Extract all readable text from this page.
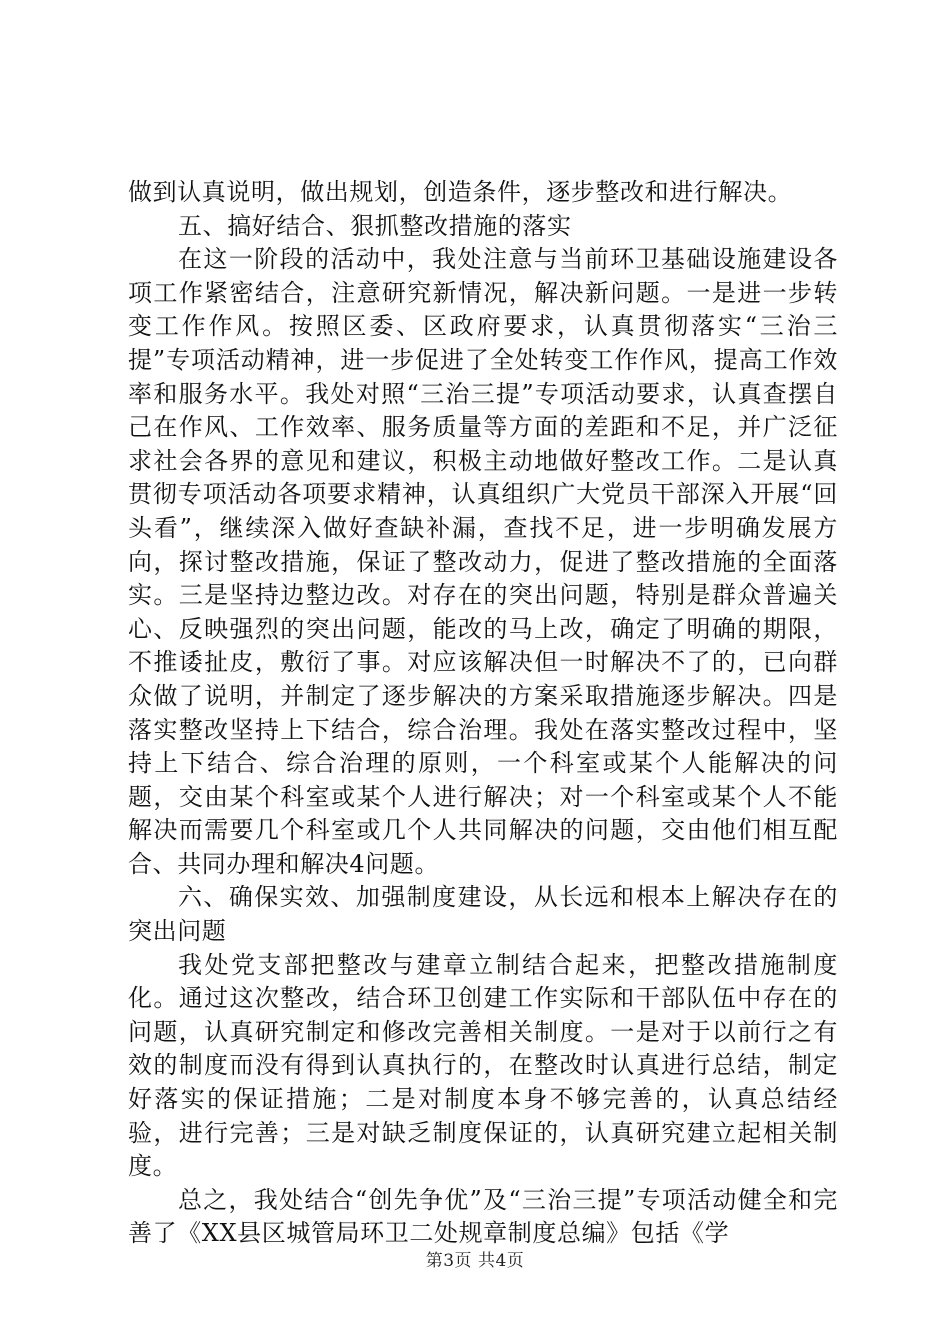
做到认真说明，做出规划，创造条件，逐步整改和进行解决。

五、搞好结合、狠抓整改措施的落实

在这一阶段的活动中，我处注意与当前环卫基础设施建设各项工作紧密结合，注意研究新情况，解决新问题。一是进一步转变工作作风。按照区委、区政府要求，认真贯彻落实“三治三提”专项活动精神，进一步促进了全处转变工作作风，提高工作效率和服务水平。我处对照“三治三提”专项活动要求，认真查摆自己在作风、工作效率、服务质量等方面的差距和不足，并广泛征求社会各界的意见和建议，积极主动地做好整改工作。二是认真贯彻专项活动各项要求精神，认真组织广大党员干部深入开展“回头看”，继续深入做好查缺补漏，查找不足，进一步明确发展方向，探讨整改措施，保证了整改动力，促进了整改措施的全面落实。三是坚持边整边改。对存在的突出问题，特别是群众普遍关心、反映强烈的突出问题，能改的马上改，确定了明确的期限，不推诿扯皮，敷衍了事。对应该解决但一时解决不了的，已向群众做了说明，并制定了逐步解决的方案采取措施逐步解决。四是落实整改坚持上下结合，综合治理。我处在落实整改过程中，坚持上下结合、综合治理的原则，一个科室或某个人能解决的问题，交由某个科室或某个人进行解决；对一个科室或某个人不能解决而需要几个科室或几个人共同解决的问题，交由他们相互配合、共同办理和解决4问题。

六、确保实效、加强制度建设，从长远和根本上解决存在的突出问题

我处党支部把整改与建章立制结合起来，把整改措施制度化。通过这次整改，结合环卫创建工作实际和干部队伍中存在的问题，认真研究制定和修改完善相关制度。一是对于以前行之有效的制度而没有得到认真执行的，在整改时认真进行总结，制定好落实的保证措施；二是对制度本身不够完善的，认真总结经验，进行完善；三是对缺乏制度保证的，认真研究建立起相关制度。

总之，我处结合“创先争优”及“三治三提”专项活动健全和完善了《XX县区城管局环卫二处规章制度总编》包括《学

第3页 共4页
